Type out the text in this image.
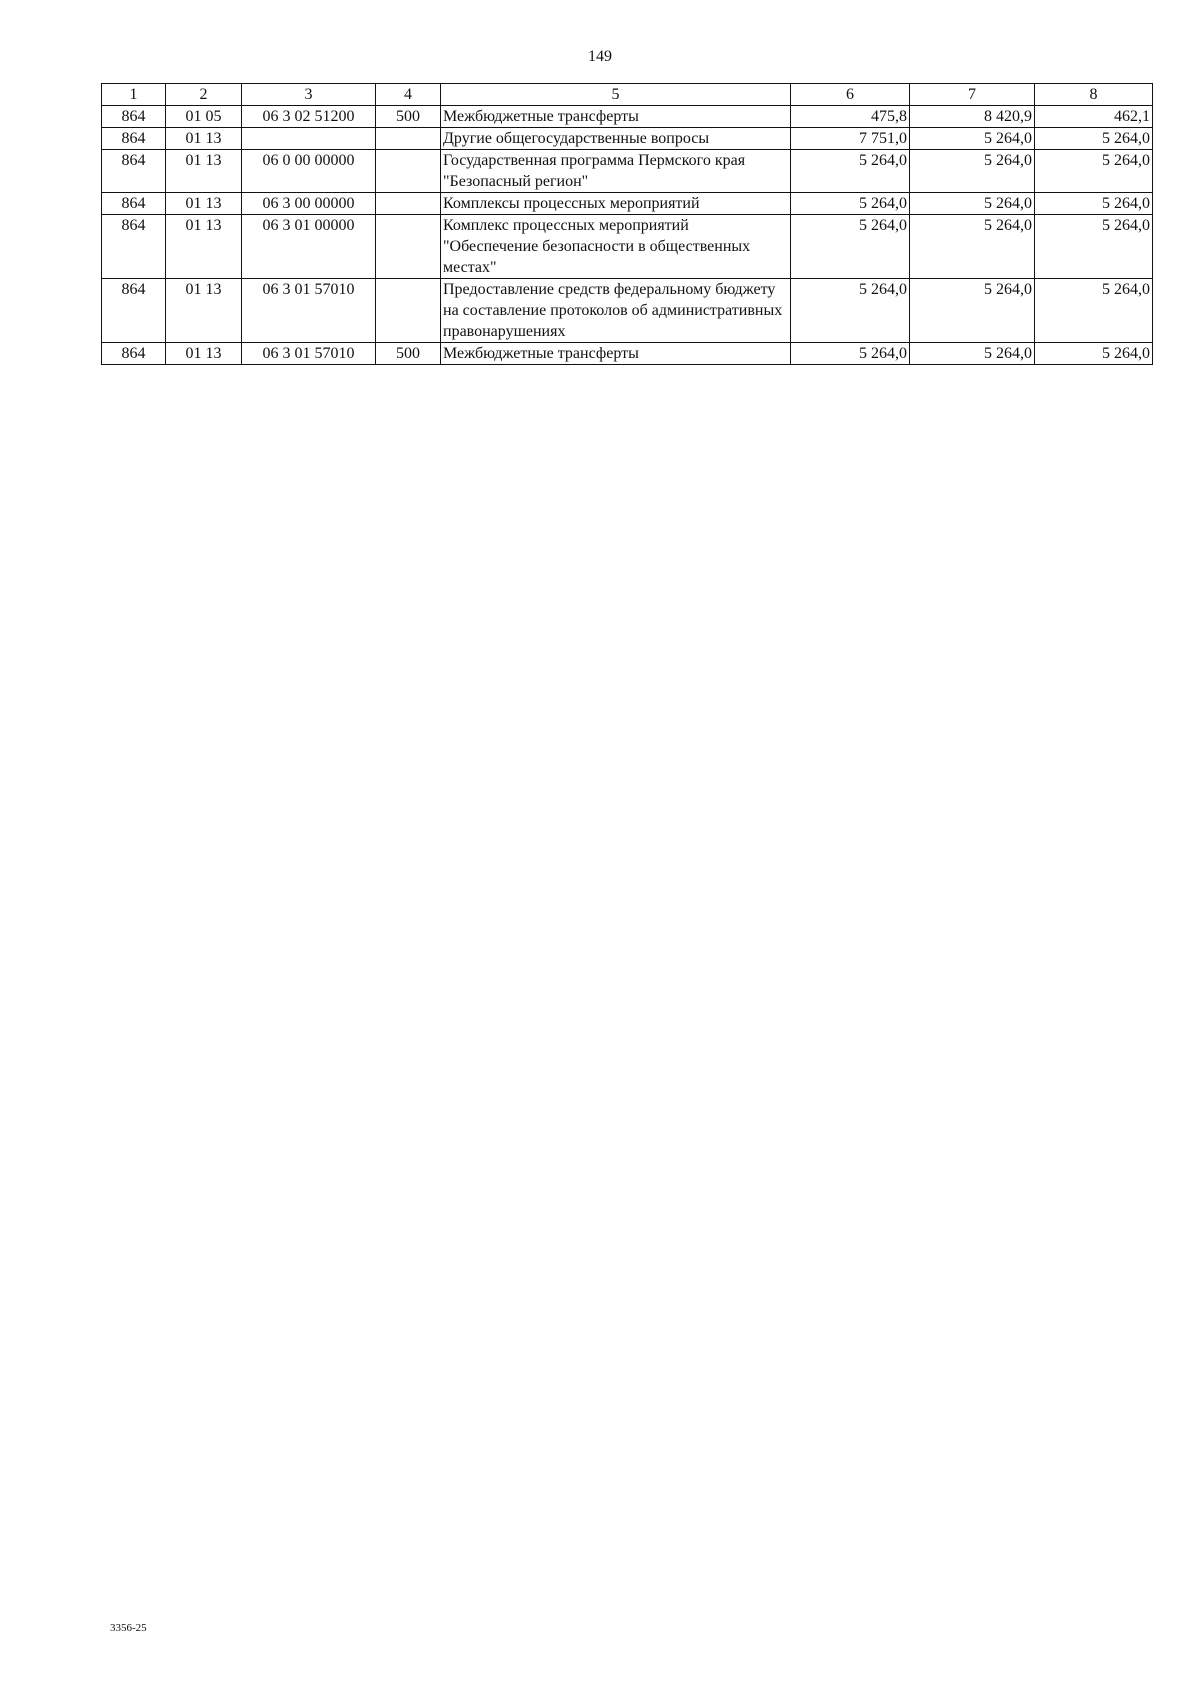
149
1	2	3	4	5	6	7	8
864	01 05	06 3 02 51200	500	Межбюджетные трансферты	475,8	8 420,9	462,1
864	01 13			Другие общегосударственные вопросы	7 751,0	5 264,0	5 264,0
864	01 13	06 0 00 00000		Государственная программа Пермского края "Безопасный регион"	5 264,0	5 264,0	5 264,0
864	01 13	06 3 00 00000		Комплексы процессных мероприятий	5 264,0	5 264,0	5 264,0
864	01 13	06 3 01 00000		Комплекс процессных мероприятий "Обеспечение безопасности в общественных местах"	5 264,0	5 264,0	5 264,0
864	01 13	06 3 01 57010		Предоставление средств федеральному бюджету на составление протоколов об административных правонарушениях	5 264,0	5 264,0	5 264,0
864	01 13	06 3 01 57010	500	Межбюджетные трансферты	5 264,0	5 264,0	5 264,0
3356-25
